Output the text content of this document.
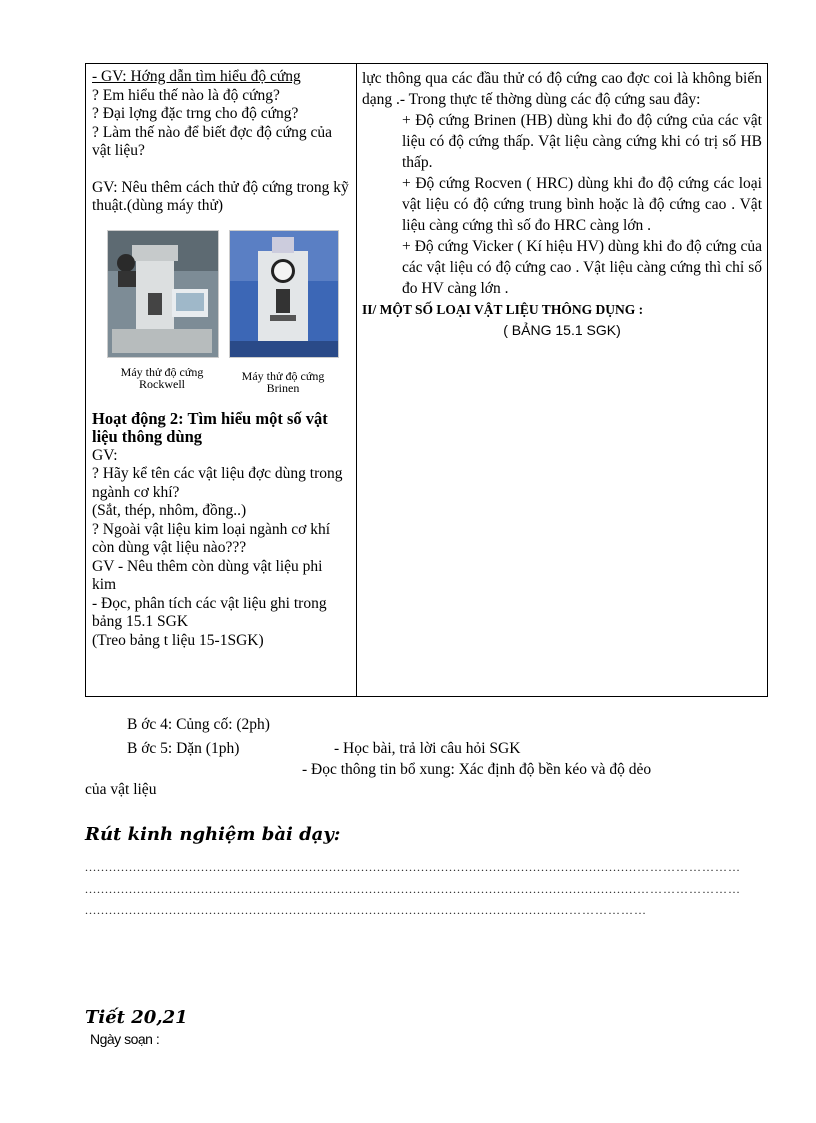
- GV: Hớng dẫn tìm hiểu độ cứng

? Em hiểu thế nào là độ cứng?

? Đại lợng đặc trng cho độ cứng?

? Làm thế nào để biết đợc độ cứng của vật liệu?

GV: Nêu thêm cách thử độ cứng trong kỹ thuật.(dùng máy thử)

Máy thử độ cứng Rockwell
Máy thử độ cứng Brinen

Hoạt động 2: Tìm hiểu một số vật liệu thông dùng

GV:

? Hãy kể tên các vật liệu đợc dùng trong ngành cơ khí?

(Sắt, thép, nhôm, đồng..)

? Ngoài vật liệu kim loại ngành cơ khí còn dùng vật liệu nào???

GV - Nêu thêm còn dùng vật liệu phi kim

- Đọc, phân tích các vật liệu ghi trong bảng 15.1 SGK

(Treo bảng t liệu 15-1SGK)

lực thông qua các đầu thử có độ cứng cao đợc coi là không biến dạng .- Trong thực tế thờng dùng các độ cứng sau đây:

+ Độ cứng Brinen (HB) dùng khi đo độ cứng của các vật liệu có độ cứng thấp. Vật liệu càng cứng khi có trị số HB thấp.

+ Độ cứng Rocven ( HRC) dùng khi đo độ cứng các loại vật liệu có độ cứng trung bình hoặc là độ cứng cao . Vật liệu càng cứng thì số đo HRC càng lớn .

+ Độ cứng Vicker ( Kí hiệu HV) dùng khi đo độ cứng của các vật liệu có độ cứng cao . Vật liệu càng cứng thì chỉ số đo HV càng lớn .

II/ MỘT SỐ LOẠI VẬT LIỆU THÔNG DỤNG :

( BẢNG 15.1 SGK)

B ớc 4: Củng cố: (2ph)
B ớc 5: Dặn (1ph)	- Học bài, trả lời câu hỏi SGK
- Đọc thông tin bổ xung: Xác định độ bền kéo và độ dẻo
của vật liệu
Rút kinh nghiệm bài dạy:
..........................................................................................................................................……………………
..........................................................................................................................................……………………
.........................................................................................................................………………
Tiết 20,21
Ngày soạn :
